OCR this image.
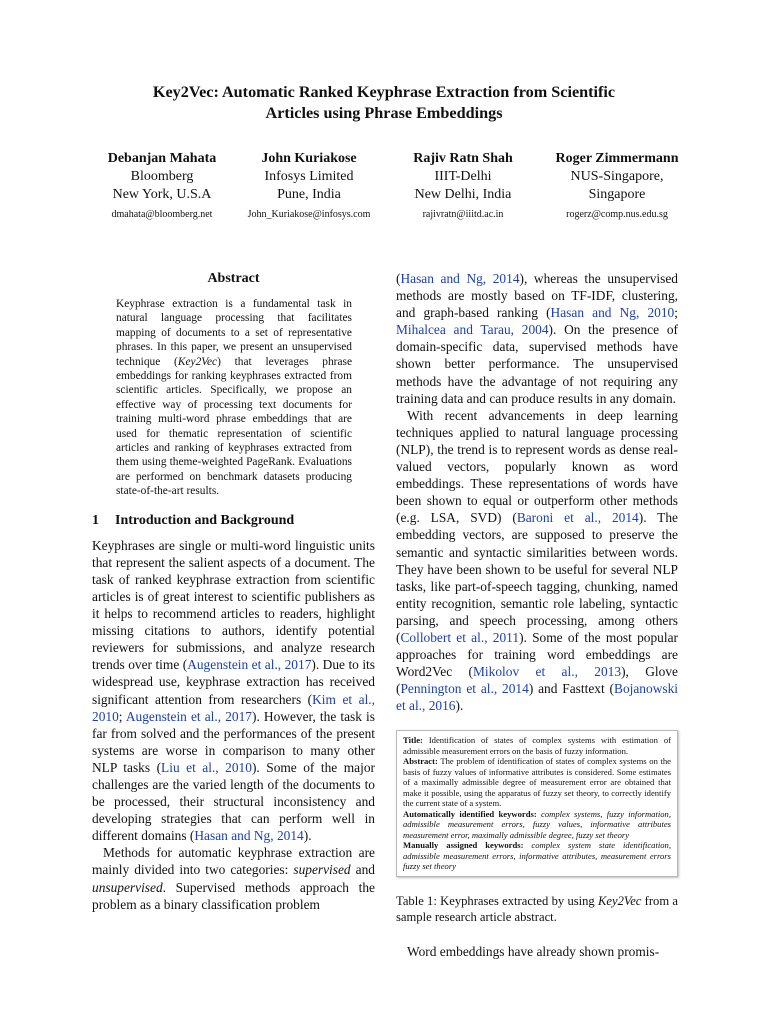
Key2Vec: Automatic Ranked Keyphrase Extraction from Scientific
Articles using Phrase Embeddings
Debanjan Mahata
Bloomberg
New York, U.S.A
dmahata@bloomberg.net
John Kuriakose
Infosys Limited
Pune, India
John_Kuriakose@infosys.com
Rajiv Ratn Shah
IIIT-Delhi
New Delhi, India
rajivratn@iiitd.ac.in
Roger Zimmermann
NUS-Singapore,
Singapore
rogerz@comp.nus.edu.sg
Abstract

Keyphrase extraction is a fundamental task in natural language processing that facilitates mapping of documents to a set of representative phrases. In this paper, we present an unsupervised technique (Key2Vec) that leverages phrase embeddings for ranking keyphrases extracted from scientific articles. Specifically, we propose an effective way of processing text documents for training multi-word phrase embeddings that are used for thematic representation of scientific articles and ranking of keyphrases extracted from them using theme-weighted PageRank. Evaluations are performed on benchmark datasets producing state-of-the-art results.

1 Introduction and Background

Keyphrases are single or multi-word linguistic units that represent the salient aspects of a document. The task of ranked keyphrase extraction from scientific articles is of great interest to scientific publishers as it helps to recommend articles to readers, highlight missing citations to authors, identify potential reviewers for submissions, and analyze research trends over time (Augenstein et al., 2017). Due to its widespread use, keyphrase extraction has received significant attention from researchers (Kim et al., 2010; Augenstein et al., 2017). However, the task is far from solved and the performances of the present systems are worse in comparison to many other NLP tasks (Liu et al., 2010). Some of the major challenges are the varied length of the documents to be processed, their structural inconsistency and developing strategies that can perform well in different domains (Hasan and Ng, 2014).

Methods for automatic keyphrase extraction are mainly divided into two categories: supervised and unsupervised. Supervised methods approach the problem as a binary classification problem

(Hasan and Ng, 2014), whereas the unsupervised methods are mostly based on TF-IDF, clustering, and graph-based ranking (Hasan and Ng, 2010; Mihalcea and Tarau, 2004). On the presence of domain-specific data, supervised methods have shown better performance. The unsupervised methods have the advantage of not requiring any training data and can produce results in any domain.

With recent advancements in deep learning techniques applied to natural language processing (NLP), the trend is to represent words as dense real-valued vectors, popularly known as word embeddings. These representations of words have been shown to equal or outperform other methods (e.g. LSA, SVD) (Baroni et al., 2014). The embedding vectors, are supposed to preserve the semantic and syntactic similarities between words. They have been shown to be useful for several NLP tasks, like part-of-speech tagging, chunking, named entity recognition, semantic role labeling, syntactic parsing, and speech processing, among others (Collobert et al., 2011). Some of the most popular approaches for training word embeddings are Word2Vec (Mikolov et al., 2013), Glove (Pennington et al., 2014) and Fasttext (Bojanowski et al., 2016).

Title: Identification of states of complex systems with estimation of admissible measurement errors on the basis of fuzzy information.

Abstract: The problem of identification of states of complex systems on the basis of fuzzy values of informative attributes is considered. Some estimates of a maximally admissible degree of measurement error are obtained that make it possible, using the apparatus of fuzzy set theory, to correctly identify the current state of a system.

Automatically identified keywords: complex systems, fuzzy information, admissible measurement errors, fuzzy values, informative attributes measurement error, maximally admissible degree, fuzzy set theory

Manually assigned keywords: complex system state identification, admissible measurement errors, informative attributes, measurement errors fuzzy set theory

Table 1: Keyphrases extracted by using Key2Vec from a sample research article abstract.

Word embeddings have already shown promis-
